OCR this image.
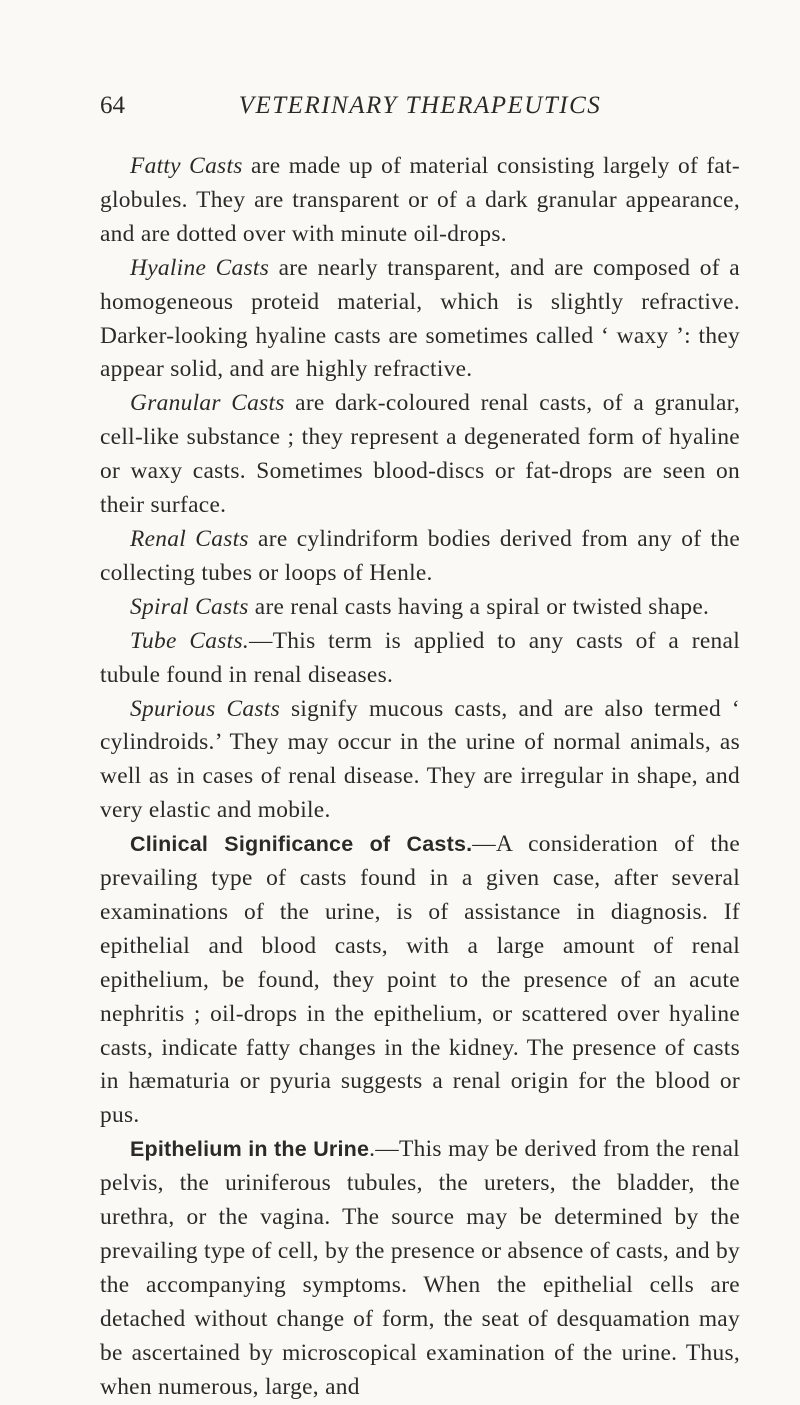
64	VETERINARY THERAPEUTICS

Fatty Casts are made up of material consisting largely of fat-globules. They are transparent or of a dark granular appearance, and are dotted over with minute oil-drops.

Hyaline Casts are nearly transparent, and are composed of a homogeneous proteid material, which is slightly refractive. Darker-looking hyaline casts are sometimes called ‘ waxy ’: they appear solid, and are highly refractive.

Granular Casts are dark-coloured renal casts, of a granular, cell-like substance ; they represent a degenerated form of hyaline or waxy casts. Sometimes blood-discs or fat-drops are seen on their surface.

Renal Casts are cylindriform bodies derived from any of the collecting tubes or loops of Henle.

Spiral Casts are renal casts having a spiral or twisted shape.

Tube Casts.—This term is applied to any casts of a renal tubule found in renal diseases.

Spurious Casts signify mucous casts, and are also termed ‘ cylindroids.’ They may occur in the urine of normal animals, as well as in cases of renal disease. They are irregular in shape, and very elastic and mobile.

Clinical Significance of Casts.—A consideration of the prevailing type of casts found in a given case, after several examinations of the urine, is of assistance in diagnosis. If epithelial and blood casts, with a large amount of renal epithelium, be found, they point to the presence of an acute nephritis ; oil-drops in the epithelium, or scattered over hyaline casts, indicate fatty changes in the kidney. The presence of casts in hæmaturia or pyuria suggests a renal origin for the blood or pus.

Epithelium in the Urine.—This may be derived from the renal pelvis, the uriniferous tubules, the ureters, the bladder, the urethra, or the vagina. The source may be determined by the prevailing type of cell, by the presence or absence of casts, and by the accompanying symptoms. When the epithelial cells are detached without change of form, the seat of desquamation may be ascertained by microscopical examination of the urine. Thus, when numerous, large, and
